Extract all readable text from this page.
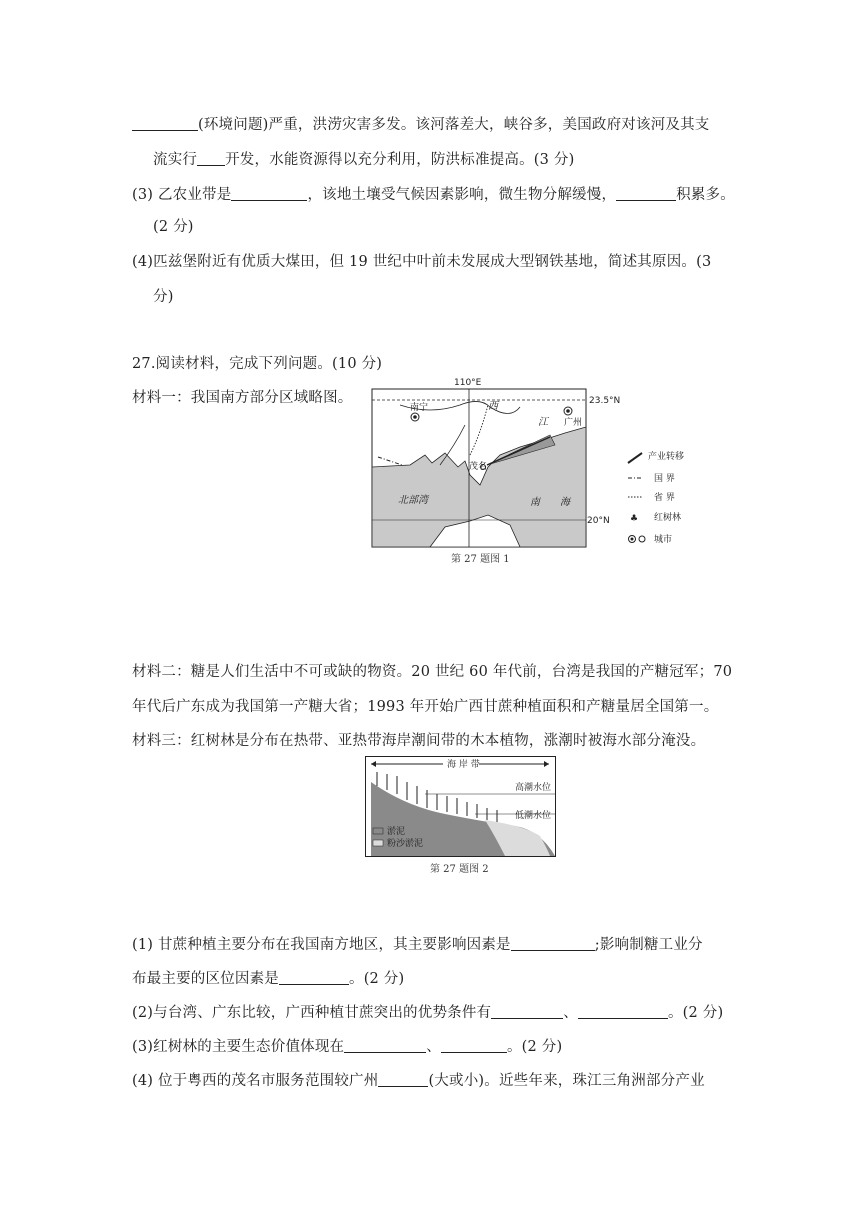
(环境问题)严重，洪涝灾害多发。该河落差大，峡谷多，美国政府对该河及其支
流实行 开发，水能资源得以充分利用，防洪标准提高。(3 分)
(3) 乙农业带是	，该地土壤受气候因素影响，微生物分解缓慢，	积累多。
(2 分)
(4)匹兹堡附近有优质大煤田，但 19 世纪中叶前未发展成大型钢铁基地，简述其原因。(3
分)
27.阅读材料，完成下列问题。(10 分)
材料一：我国南方部分区域略图。
110°E
23.5°N
20°N
南宁	西
江 广州
茂名
北部湾	南 海
产业转移
国 界
省 界
♣ 红树林
城市
第 27 题图 1
材料二：糖是人们生活中不可或缺的物资。20 世纪 60 年代前，台湾是我国的产糖冠军；70
年代后广东成为我国第一产糖大省；1993 年开始广西甘蔗种植面积和产糖量居全国第一。
材料三：红树林是分布在热带、亚热带海岸潮间带的木本植物，涨潮时被海水部分淹没。
海 岸 带
高潮水位
低潮水位
淤泥
粉沙淤泥
第 27 题图 2
(1) 甘蔗种植主要分布在我国南方地区，其主要影响因素是	;影响制糖工业分
布最主要的区位因素是	。(2 分)
(2)与台湾、广东比较，广西种植甘蔗突出的优势条件有	、	。(2 分)
(3)红树林的主要生态价值体现在	、	。(2 分)
(4) 位于粤西的茂名市服务范围较广州	(大或小)。近些年来，珠江三角洲部分产业
